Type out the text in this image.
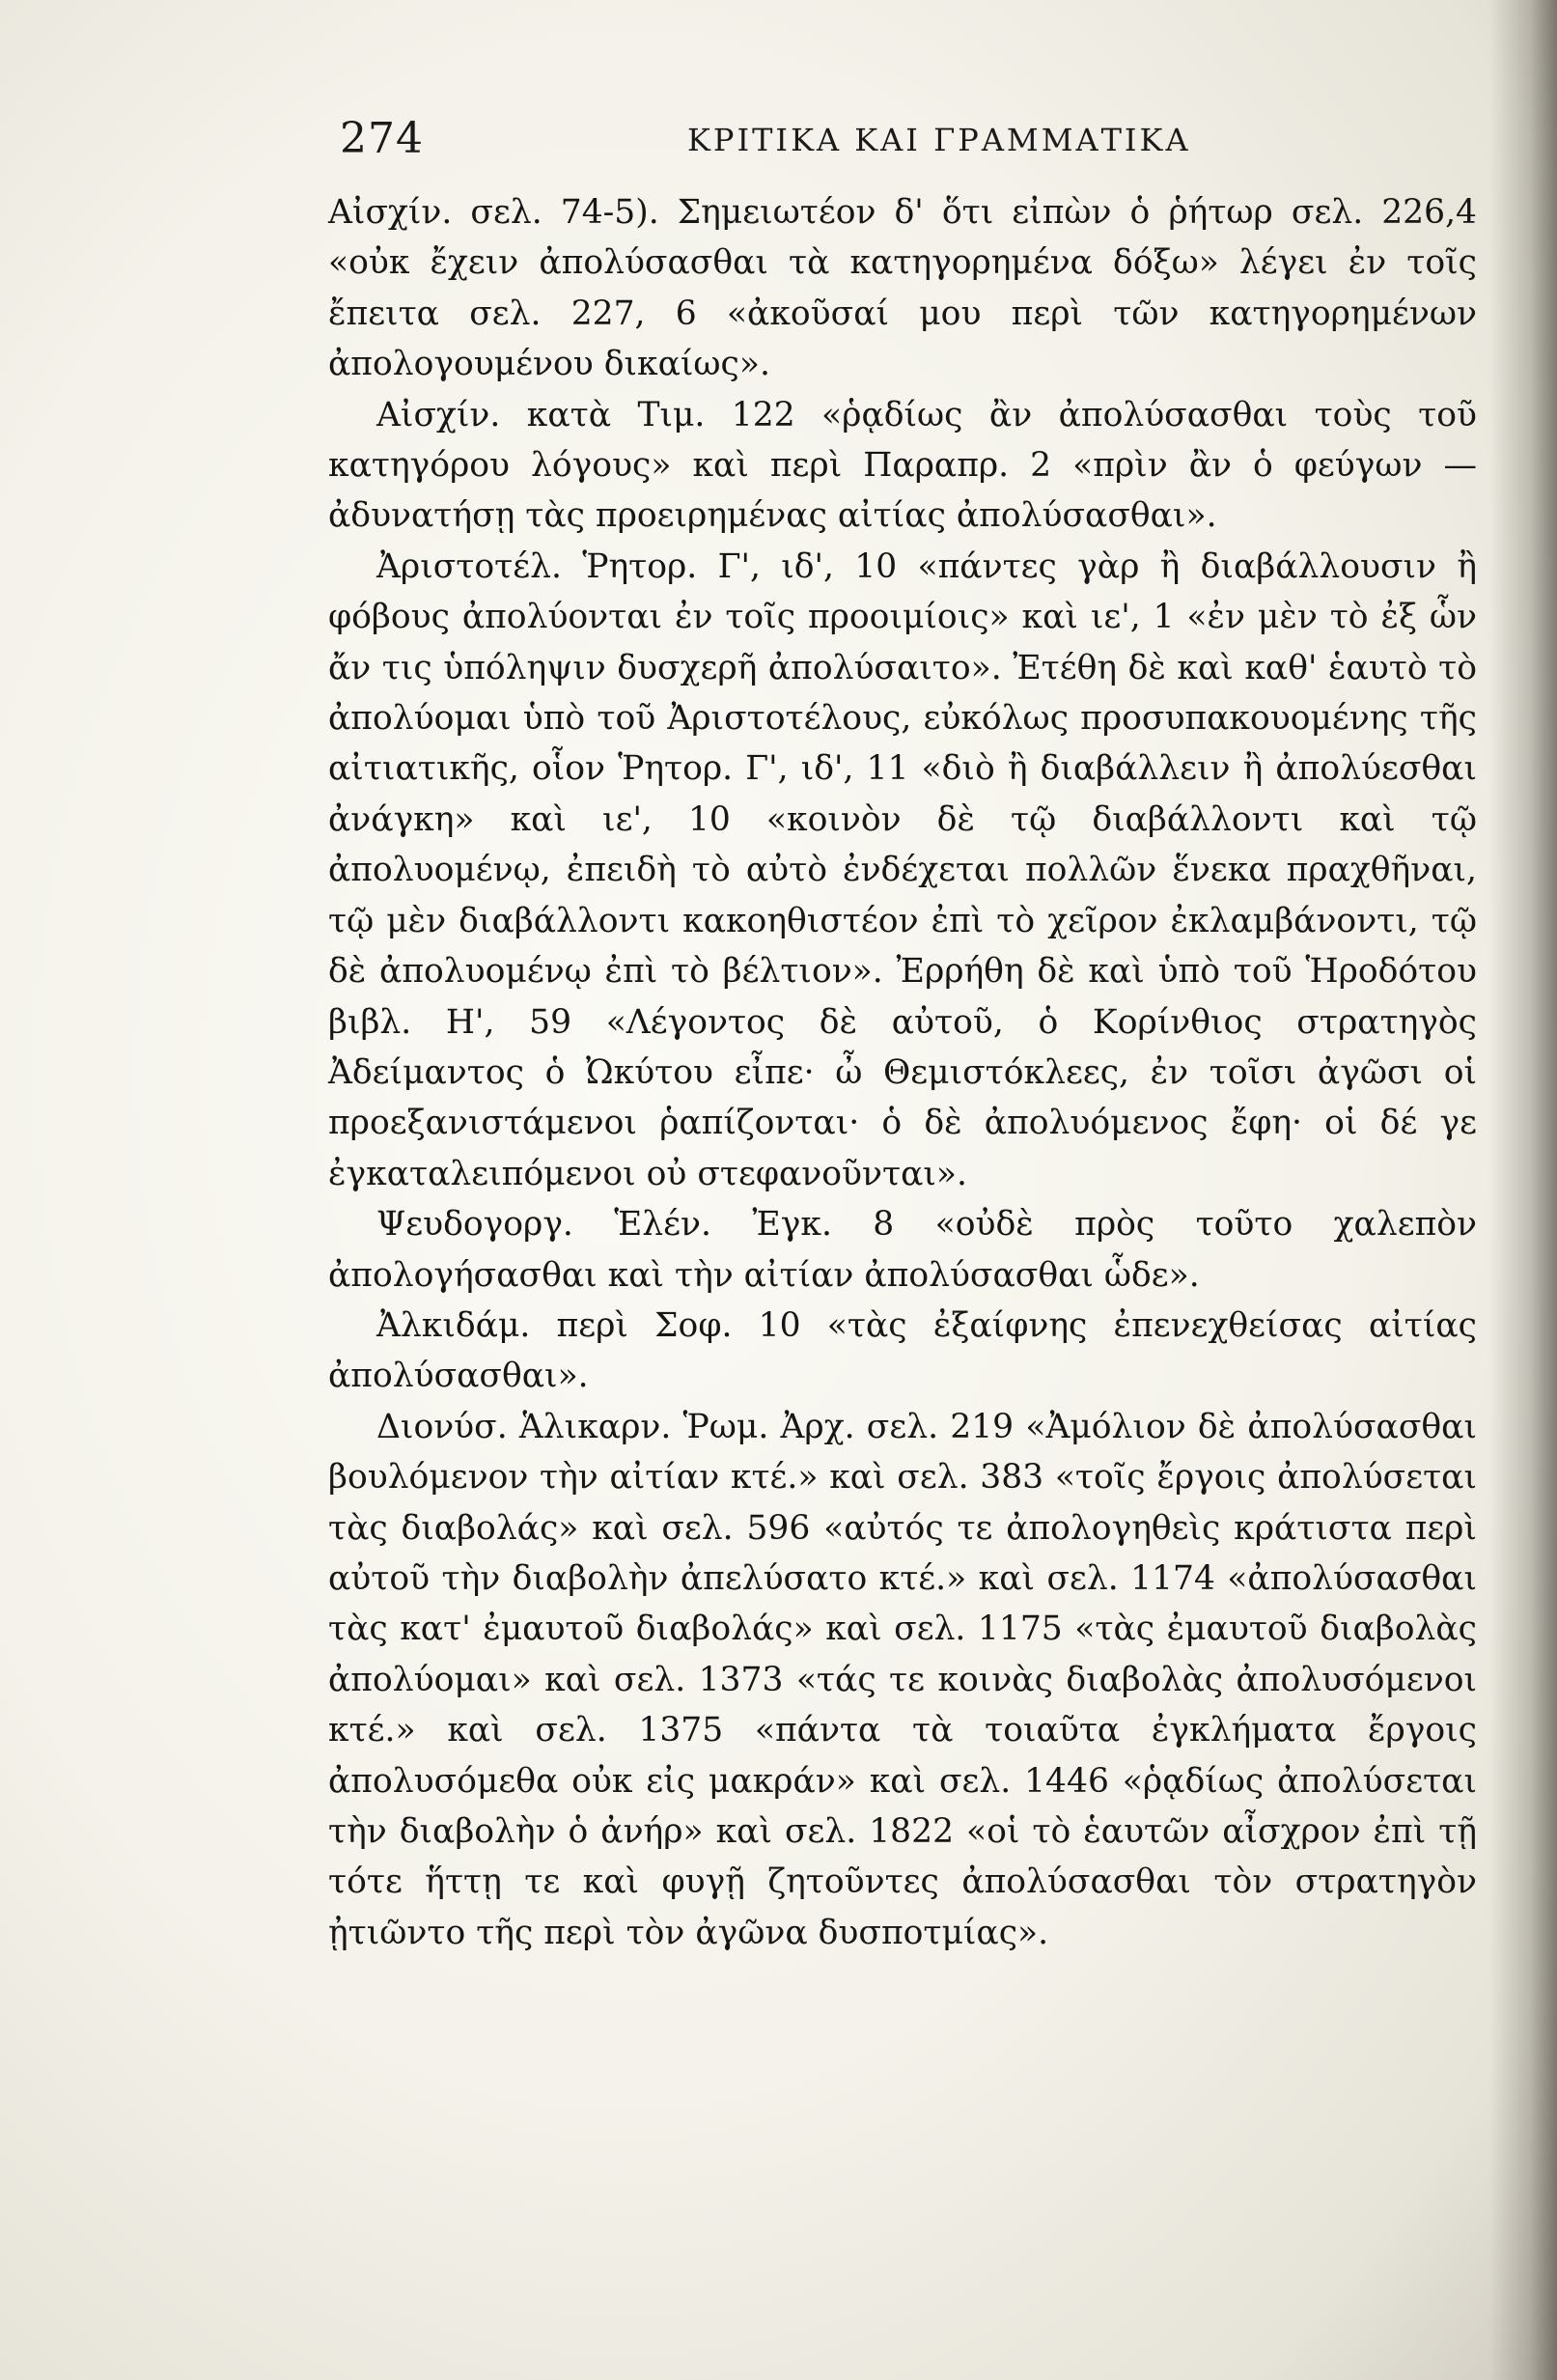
274	ΚΡΙΤΙΚΑ ΚΑΙ ΓΡΑΜΜΑΤΙΚΑ

Αἰσχίν. σελ. 74-5). Σημειωτέον δ' ὅτι εἰπὼν ὁ ῥήτωρ σελ. 226,4 «οὐκ ἔχειν ἀπολύσασθαι τὰ κατηγορημένα δόξω» λέγει ἐν τοῖς ἔπειτα σελ. 227, 6 «ἀκοῦσαί μου περὶ τῶν κατηγορημένων ἀπολογουμένου δικαίως».

Αἰσχίν. κατὰ Τιμ. 122 «ῥᾳδίως ἂν ἀπολύσασθαι τοὺς τοῦ κατηγόρου λόγους» καὶ περὶ Παραπρ. 2 «πρὶν ἂν ὁ φεύγων — ἀδυνατήσῃ τὰς προειρημένας αἰτίας ἀπολύσασθαι».

Ἀριστοτέλ. Ῥητορ. Γ', ιδ', 10 «πάντες γὰρ ἢ διαβάλλουσιν ἢ φόβους ἀπολύονται ἐν τοῖς προοιμίοις» καὶ ιε', 1 «ἐν μὲν τὸ ἐξ ὧν ἄν τις ὑπόληψιν δυσχερῆ ἀπολύσαιτο». Ἐτέθη δὲ καὶ καθ' ἑαυτὸ τὸ ἀπολύομαι ὑπὸ τοῦ Ἀριστοτέλους, εὐκόλως προσυπακουομένης τῆς αἰτιατικῆς, οἷον Ῥητορ. Γ', ιδ', 11 «διὸ ἢ διαβάλλειν ἢ ἀπολύεσθαι ἀνάγκη» καὶ ιε', 10 «κοινὸν δὲ τῷ διαβάλλοντι καὶ τῷ ἀπολυομένῳ, ἐπειδὴ τὸ αὐτὸ ἐνδέχεται πολλῶν ἕνεκα πραχθῆναι, τῷ μὲν διαβάλλοντι κακοηθιστέον ἐπὶ τὸ χεῖρον ἐκλαμβάνοντι, τῷ δὲ ἀπολυομένῳ ἐπὶ τὸ βέλτιον». Ἐρρήθη δὲ καὶ ὑπὸ τοῦ Ἡροδότου βιβλ. Η', 59 «Λέγοντος δὲ αὐτοῦ, ὁ Κορίνθιος στρατηγὸς Ἀδείμαντος ὁ Ὠκύτου εἶπε· ὦ Θεμιστόκλεες, ἐν τοῖσι ἀγῶσι οἱ προεξανιστάμενοι ῥαπίζονται· ὁ δὲ ἀπολυόμενος ἔφη· οἱ δέ γε ἐγκαταλειπόμενοι οὐ στεφανοῦνται».

Ψευδογοργ. Ἑλέν. Ἐγκ. 8 «οὐδὲ πρὸς τοῦτο χαλεπὸν ἀπολογήσασθαι καὶ τὴν αἰτίαν ἀπολύσασθαι ὧδε».

Ἀλκιδάμ. περὶ Σοφ. 10 «τὰς ἐξαίφνης ἐπενεχθείσας αἰτίας ἀπολύσασθαι».

Διονύσ. Ἁλικαρν. Ῥωμ. Ἀρχ. σελ. 219 «Ἀμόλιον δὲ ἀπολύσασθαι βουλόμενον τὴν αἰτίαν κτέ.» καὶ σελ. 383 «τοῖς ἔργοις ἀπολύσεται τὰς διαβολάς» καὶ σελ. 596 «αὐτός τε ἀπολογηθεὶς κράτιστα περὶ αὐτοῦ τὴν διαβολὴν ἀπελύσατο κτέ.» καὶ σελ. 1174 «ἀπολύσασθαι τὰς κατ' ἐμαυτοῦ διαβολάς» καὶ σελ. 1175 «τὰς ἐμαυτοῦ διαβολὰς ἀπολύομαι» καὶ σελ. 1373 «τάς τε κοινὰς διαβολὰς ἀπολυσόμενοι κτέ.» καὶ σελ. 1375 «πάντα τὰ τοιαῦτα ἐγκλήματα ἔργοις ἀπολυσόμεθα οὐκ εἰς μακράν» καὶ σελ. 1446 «ῥᾳδίως ἀπολύσεται τὴν διαβολὴν ὁ ἀνήρ» καὶ σελ. 1822 «οἱ τὸ ἑαυτῶν αἶσχρον ἐπὶ τῇ τότε ἥττῃ τε καὶ φυγῇ ζητοῦντες ἀπολύσασθαι τὸν στρατηγὸν ᾐτιῶντο τῆς περὶ τὸν ἀγῶνα δυσποτμίας».
